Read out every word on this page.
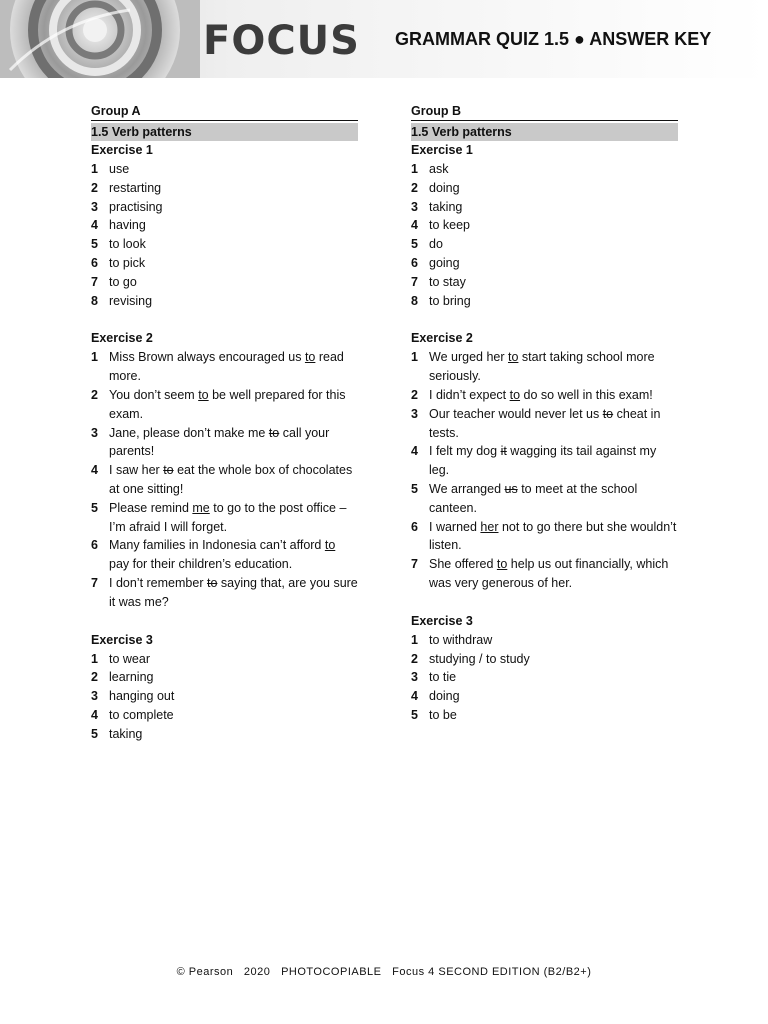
FOCUS GRAMMAR QUIZ 1.5 ● ANSWER KEY
Group A
1.5 Verb patterns
Exercise 1
1 use
2 restarting
3 practising
4 having
5 to look
6 to pick
7 to go
8 revising
Exercise 2
1 Miss Brown always encouraged us to read more.
2 You don’t seem to be well prepared for this exam.
3 Jane, please don’t make me to call your parents!
4 I saw her to eat the whole box of chocolates at one sitting!
5 Please remind me to go to the post office – I’m afraid I will forget.
6 Many families in Indonesia can’t afford to pay for their children’s education.
7 I don’t remember to saying that, are you sure it was me?
Exercise 3
1 to wear
2 learning
3 hanging out
4 to complete
5 taking
Group B
1.5 Verb patterns
Exercise 1
1 ask
2 doing
3 taking
4 to keep
5 do
6 going
7 to stay
8 to bring
Exercise 2
1 We urged her to start taking school more seriously.
2 I didn’t expect to do so well in this exam!
3 Our teacher would never let us to cheat in tests.
4 I felt my dog it wagging its tail against my leg.
5 We arranged us to meet at the school canteen.
6 I warned her not to go there but she wouldn’t listen.
7 She offered to help us out financially, which was very generous of her.
Exercise 3
1 to withdraw
2 studying / to study
3 to tie
4 doing
5 to be
© Pearson   2020   PHOTOCOPIABLE   Focus 4 SECOND EDITION (B2/B2+)
